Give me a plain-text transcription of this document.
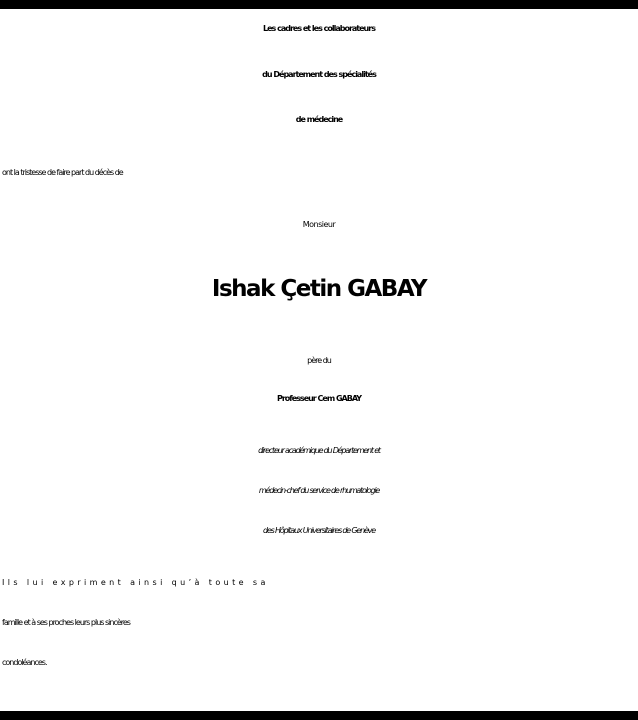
Les cadres et les collaborateurs
du Département des spécialités
de médecine
ont la tristesse de faire part du décès de
Monsieur
Ishak Çetin GABAY
père du
Professeur Cem GABAY
directeur académique du Département et
médecin-chef du service de rhumatologie
des Hôpitaux Universitaires de Genève
Ils lui expriment ainsi qu’à toute sa
famille et à ses proches leurs plus sincères
condoléances.
